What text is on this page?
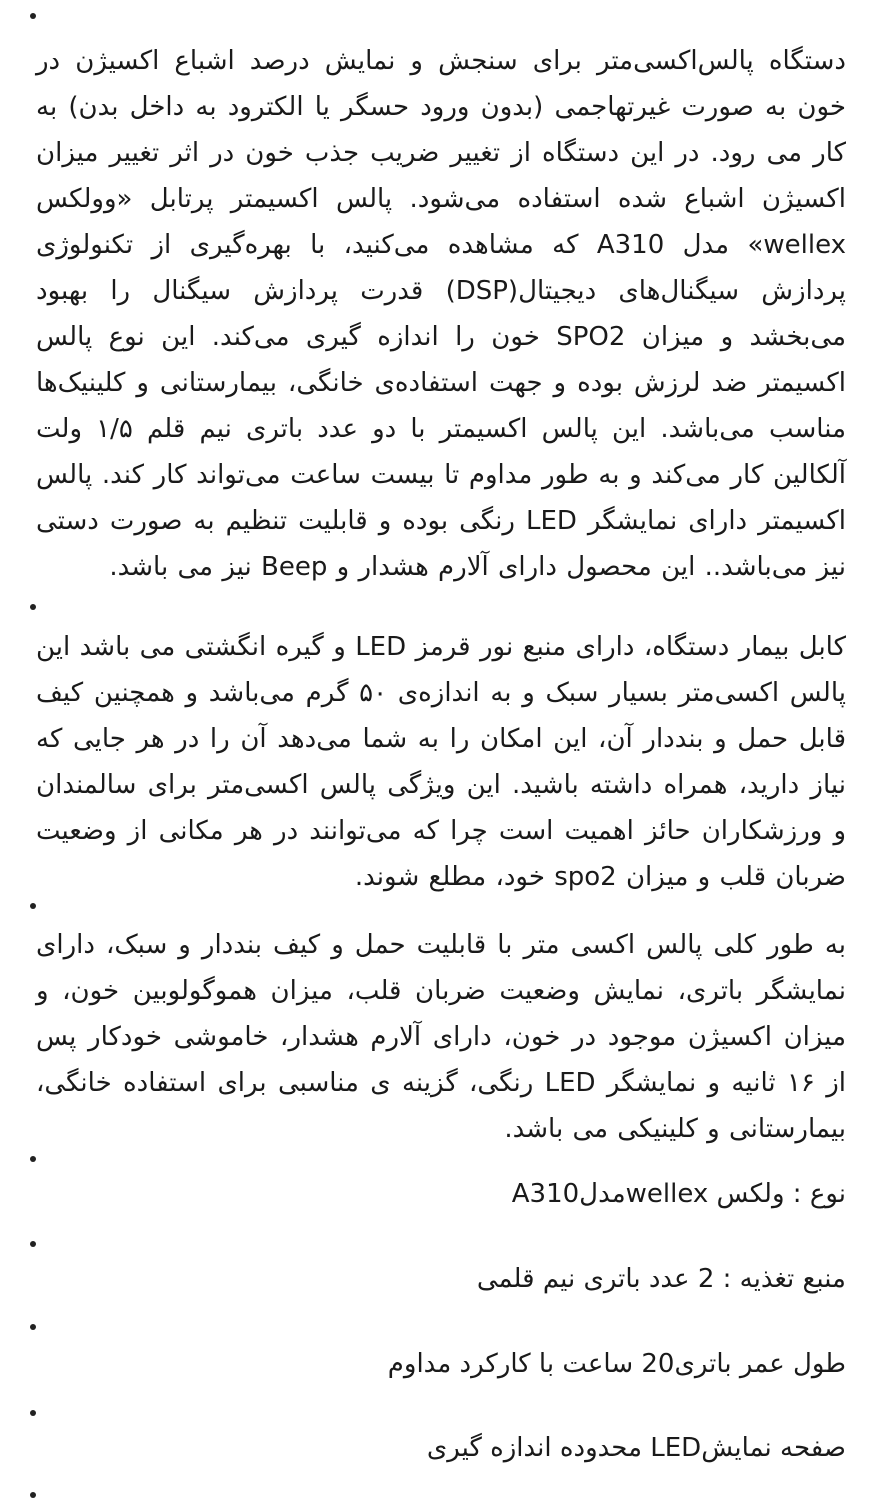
دستگاه پالس‌اکسی‌متر برای سنجش و نمایش درصد اشباع اکسیژن در خون به صورت غیرتهاجمی (بدون ورود حسگر یا الکترود به داخل بدن) به کار می رود. در این دستگاه از تغییر ضریب جذب خون در اثر تغییر میزان اکسیژن اشباع شده استفاده می‌شود. پالس اکسیمتر پرتابل «وولکس wellex» مدل A310 که مشاهده می‌کنید، با بهره‌گیری از تکنولوژی پردازش سیگنال‌های دیجیتال(DSP) قدرت پردازش سیگنال را بهبود می‌بخشد و میزان SPO2 خون را اندازه گیری می‌کند. این نوع پالس اکسیمتر ضد لرزش بوده و جهت استفاده‌ی خانگی، بیمارستانی و کلینیک‌ها مناسب می‌باشد. این پالس اکسیمتر با دو عدد باتری نیم قلم ۱/۵ ولت آلکالین کار می‌کند و به طور مداوم تا بیست ساعت می‌تواند کار کند. پالس اکسیمتر دارای نمایشگر LED رنگی بوده و قابلیت تنظیم به صورت دستی نیز می‌باشد.. این محصول دارای آلارم هشدار و Beep نیز می باشد.

کابل بیمار دستگاه، دارای منبع نور قرمز LED و گیره انگشتی می باشد این پالس اکسی‌متر بسیار سبک و به اندازه‌ی ۵۰ گرم می‌باشد و همچنین کیف قابل حمل و بنددار آن، این امکان را به شما می‌دهد آن را در هر جایی که نیاز دارید، همراه داشته باشید. این ویژگی پالس اکسی‌متر برای سالمندان و ورزشکاران حائز اهمیت است چرا که می‌توانند در هر مکانی از وضعیت ضربان قلب و میزان spo2 خود، مطلع شوند.

به طور کلی پالس اکسی متر با قابلیت حمل و کیف بنددار و سبک، دارای نمایشگر باتری، نمایش وضعیت ضربان قلب، میزان هموگولوبین خون، و میزان اکسیژن موجود در خون، دارای آلارم هشدار، خاموشی خودکار پس از ۱۶ ثانیه و نمایشگر LED رنگی، گزینه ی مناسبی برای استفاده خانگی، بیمارستانی و کلینیکی می باشد.

نوع : ولکس wellexمدلA310

منبع تغذیه : 2 عدد باتری نیم قلمی

طول عمر باتری20 ساعت با کارکرد مداوم

صفحه نمایشLED محدوده اندازه گیری
